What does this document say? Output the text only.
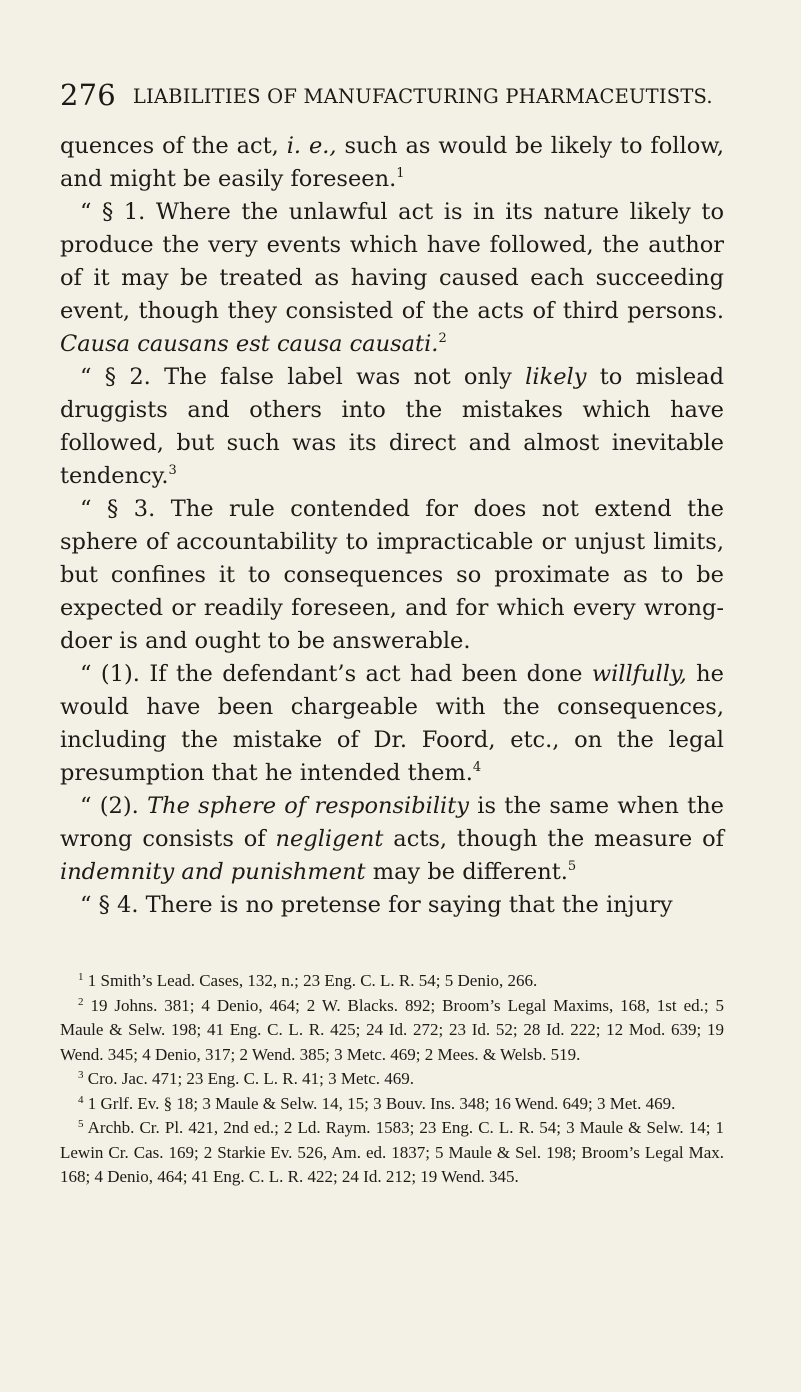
276 LIABILITIES OF MANUFACTURING PHARMACEUTISTS.

quences of the act, i. e., such as would be likely to follow, and might be easily foreseen.$^1$

“ § 1. Where the unlawful act is in its nature likely to produce the very events which have followed, the author of it may be treated as having caused each succeeding event, though they consisted of the acts of third persons. Causa causans est causa causati.$^2$

“ § 2. The false label was not only likely to mislead druggists and others into the mistakes which have followed, but such was its direct and almost inevitable tendency.$^3$

“ § 3. The rule contended for does not extend the sphere of accountability to impracticable or unjust limits, but confines it to consequences so proximate as to be expected or readily foreseen, and for which every wrong-doer is and ought to be answerable.

“ (1). If the defendant’s act had been done willfully, he would have been chargeable with the consequences, including the mistake of Dr. Foord, etc., on the legal presumption that he intended them.$^4$

“ (2). The sphere of responsibility is the same when the wrong consists of negligent acts, though the measure of indemnity and punishment may be different.$^5$

“ § 4. There is no pretense for saying that the injury

$^1$ 1 Smith’s Lead. Cases, 132, n.; 23 Eng. C. L. R. 54; 5 Denio, 266.

$^2$ 19 Johns. 381; 4 Denio, 464; 2 W. Blacks. 892; Broom’s Legal Maxims, 168, 1st ed.; 5 Maule & Selw. 198; 41 Eng. C. L. R. 425; 24 Id. 272; 23 Id. 52; 28 Id. 222; 12 Mod. 639; 19 Wend. 345; 4 Denio, 317; 2 Wend. 385; 3 Metc. 469; 2 Mees. & Welsb. 519.

$^3$ Cro. Jac. 471; 23 Eng. C. L. R. 41; 3 Metc. 469.

$^4$ 1 Grlf. Ev. § 18; 3 Maule & Selw. 14, 15; 3 Bouv. Ins. 348; 16 Wend. 649; 3 Met. 469.

$^5$ Archb. Cr. Pl. 421, 2nd ed.; 2 Ld. Raym. 1583; 23 Eng. C. L. R. 54; 3 Maule & Selw. 14; 1 Lewin Cr. Cas. 169; 2 Starkie Ev. 526, Am. ed. 1837; 5 Maule & Sel. 198; Broom’s Legal Max. 168; 4 Denio, 464; 41 Eng. C. L. R. 422; 24 Id. 212; 19 Wend. 345.
